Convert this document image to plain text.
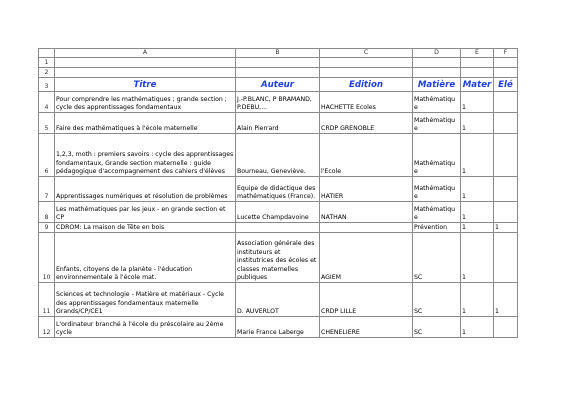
	A	B	C	D	E	F
1						
2						
3	Titre	Auteur	Edition	Matière	Mater	Elé
4	Pour comprendre les mathématiques ; grande section ; cycle des apprentissages fondamentaux	J.-P.BLANC, P BRAMAND, P.DEBU,...	HACHETTE Ecoles	Mathématiqu e	1	
5	Faire des mathématiques à l'école maternelle	Alain Pierrard	CRDP GRENOBLE	Mathématiqu e	1	
6	1,2,3, moth : premiers savoirs : cycle des apprentissages fondamentaux, Grande section maternelle : guide pédagogique d'accompagnement des cahiers d'élèves	Bourneau, Geneviève.	l'Ecole	Mathématiqu e	1	
7	Apprentissages numériques et résolution de problèmes	Equipe de didactique des mathématiques (France).	HATIER	Mathématiqu e	1	
8	Les mathématiques par les jeux - en grande section et CP	Lucette Champdavoine	NATHAN	Mathématiqu e	1	
9	CDROM: La maison de Tête en bois			Prévention	1	1
10	Enfants, citoyens de la planète - l'éducation environnementale à l'école mat.	Association générale des instituteurs et institutrices des écoles et classes maternelles publiques	AGIEM	SC	1	
11	Sciences et technologie - Matière et matériaux - Cycle des apprentissages fondamentaux maternelle Grands/CP/CE1	D. AUVERLOT	CRDP LILLE	SC	1	1
12	L'ordinateur branché à l'école du préscolaire au 2ème cycle	Marie France Laberge	CHENELIERE	SC	1	
